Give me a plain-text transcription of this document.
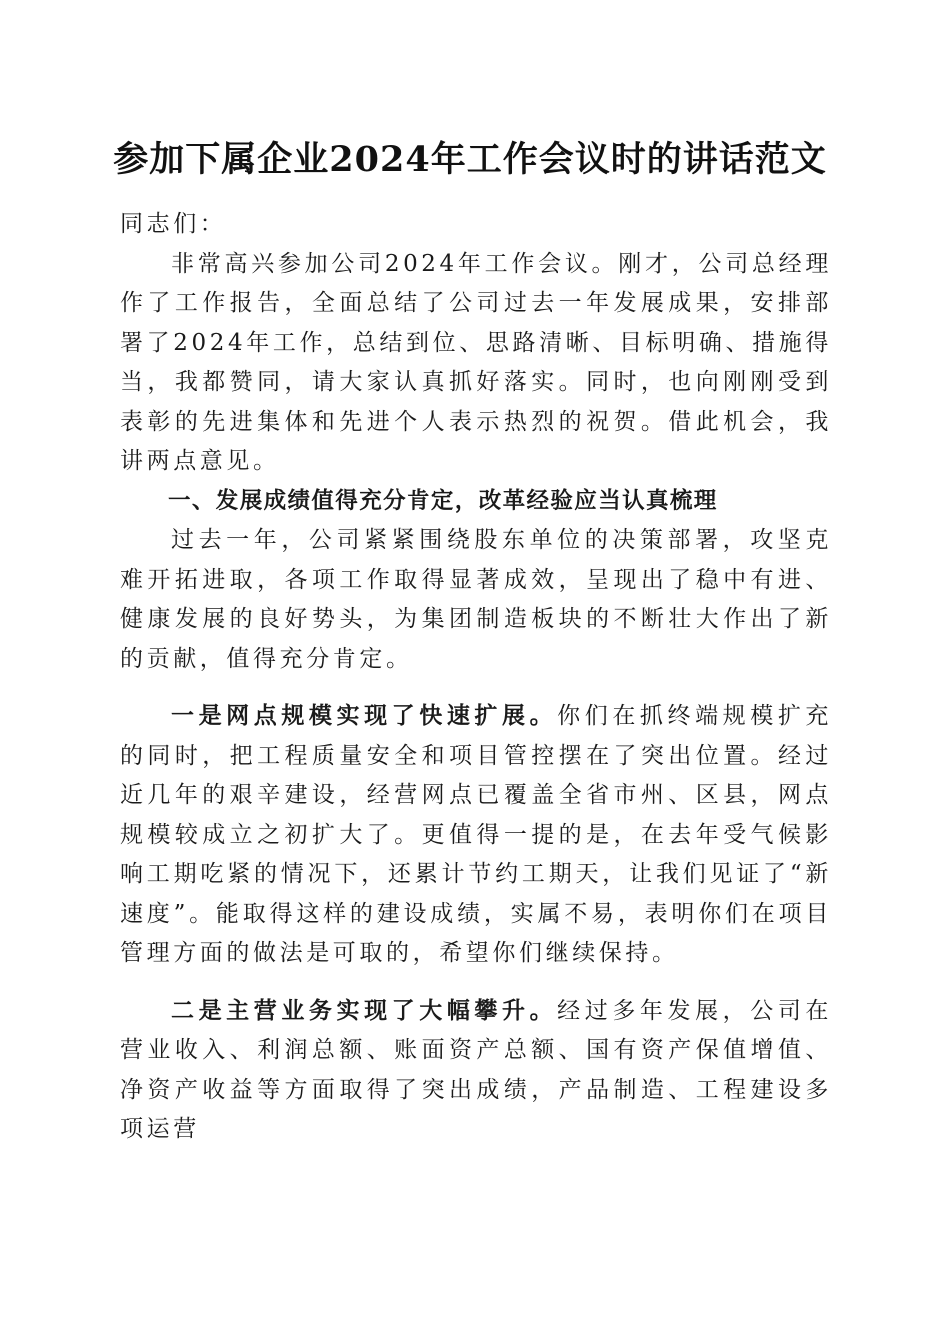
参加下属企业2024年工作会议时的讲话范文

同志们：

非常高兴参加公司2024年工作会议。刚才，公司总经理作了工作报告，全面总结了公司过去一年发展成果，安排部署了2024年工作，总结到位、思路清晰、目标明确、措施得当，我都赞同，请大家认真抓好落实。同时，也向刚刚受到表彰的先进集体和先进个人表示热烈的祝贺。借此机会，我讲两点意见。

一、发展成绩值得充分肯定，改革经验应当认真梳理

过去一年，公司紧紧围绕股东单位的决策部署，攻坚克难开拓进取，各项工作取得显著成效，呈现出了稳中有进、健康发展的良好势头，为集团制造板块的不断壮大作出了新的贡献，值得充分肯定。

一是网点规模实现了快速扩展。你们在抓终端规模扩充的同时，把工程质量安全和项目管控摆在了突出位置。经过近几年的艰辛建设，经营网点已覆盖全省市州、区县，网点规模较成立之初扩大了。更值得一提的是，在去年受气候影响工期吃紧的情况下，还累计节约工期天，让我们见证了“新速度”。能取得这样的建设成绩，实属不易，表明你们在项目管理方面的做法是可取的，希望你们继续保持。

二是主营业务实现了大幅攀升。经过多年发展，公司在营业收入、利润总额、账面资产总额、国有资产保值增值、净资产收益等方面取得了突出成绩，产品制造、工程建设多项运营
